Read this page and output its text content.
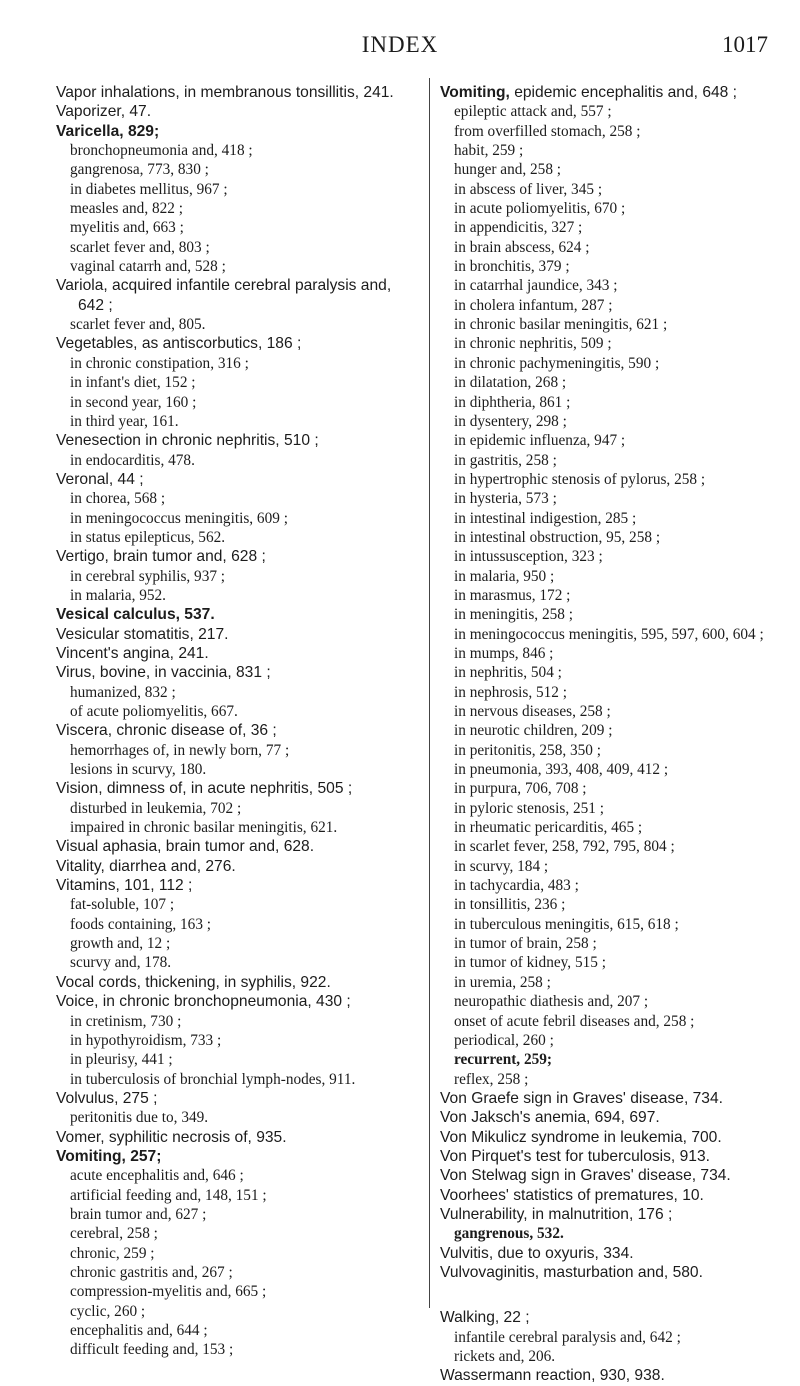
INDEX	1017
Vapor inhalations, in membranous tonsillitis, 241.
Vaporizer, 47.
Varicella, 829;
bronchopneumonia and, 418 ;
gangrenosa, 773, 830 ;
in diabetes mellitus, 967 ;
measles and, 822 ;
myelitis and, 663 ;
scarlet fever and, 803 ;
vaginal catarrh and, 528 ;
Variola, acquired infantile cerebral paralysis and, 642 ;
scarlet fever and, 805.
Vegetables, as antiscorbutics, 186 ;
in chronic constipation, 316 ;
in infant's diet, 152 ;
in second year, 160 ;
in third year, 161.
Venesection in chronic nephritis, 510 ;
in endocarditis, 478.
Veronal, 44 ;
in chorea, 568 ;
in meningococcus meningitis, 609 ;
in status epilepticus, 562.
Vertigo, brain tumor and, 628 ;
in cerebral syphilis, 937 ;
in malaria, 952.
Vesical calculus, 537.
Vesicular stomatitis, 217.
Vincent's angina, 241.
Virus, bovine, in vaccinia, 831 ;
humanized, 832 ;
of acute poliomyelitis, 667.
Viscera, chronic disease of, 36 ;
hemorrhages of, in newly born, 77 ;
lesions in scurvy, 180.
Vision, dimness of, in acute nephritis, 505 ;
disturbed in leukemia, 702 ;
impaired in chronic basilar meningitis, 621.
Visual aphasia, brain tumor and, 628.
Vitality, diarrhea and, 276.
Vitamins, 101, 112 ;
fat-soluble, 107 ;
foods containing, 163 ;
growth and, 12 ;
scurvy and, 178.
Vocal cords, thickening, in syphilis, 922.
Voice, in chronic bronchopneumonia, 430 ;
in cretinism, 730 ;
in hypothyroidism, 733 ;
in pleurisy, 441 ;
in tuberculosis of bronchial lymph-nodes, 911.
Volvulus, 275 ;
peritonitis due to, 349.
Vomer, syphilitic necrosis of, 935.
Vomiting, 257;
acute encephalitis and, 646 ;
artificial feeding and, 148, 151 ;
brain tumor and, 627 ;
cerebral, 258 ;
chronic, 259 ;
chronic gastritis and, 267 ;
compression-myelitis and, 665 ;
cyclic, 260 ;
encephalitis and, 644 ;
difficult feeding and, 153 ;
Vomiting, epidemic encephalitis and, 648 ;
epileptic attack and, 557 ;
from overfilled stomach, 258 ;
habit, 259 ;
hunger and, 258 ;
in abscess of liver, 345 ;
in acute poliomyelitis, 670 ;
in appendicitis, 327 ;
in brain abscess, 624 ;
in bronchitis, 379 ;
in catarrhal jaundice, 343 ;
in cholera infantum, 287 ;
in chronic basilar meningitis, 621 ;
in chronic nephritis, 509 ;
in chronic pachymeningitis, 590 ;
in dilatation, 268 ;
in diphtheria, 861 ;
in dysentery, 298 ;
in epidemic influenza, 947 ;
in gastritis, 258 ;
in hypertrophic stenosis of pylorus, 258 ;
in hysteria, 573 ;
in intestinal indigestion, 285 ;
in intestinal obstruction, 95, 258 ;
in intussusception, 323 ;
in malaria, 950 ;
in marasmus, 172 ;
in meningitis, 258 ;
in meningococcus meningitis, 595, 597, 600, 604 ;
in mumps, 846 ;
in nephritis, 504 ;
in nephrosis, 512 ;
in nervous diseases, 258 ;
in neurotic children, 209 ;
in peritonitis, 258, 350 ;
in pneumonia, 393, 408, 409, 412 ;
in purpura, 706, 708 ;
in pyloric stenosis, 251 ;
in rheumatic pericarditis, 465 ;
in scarlet fever, 258, 792, 795, 804 ;
in scurvy, 184 ;
in tachycardia, 483 ;
in tonsillitis, 236 ;
in tuberculous meningitis, 615, 618 ;
in tumor of brain, 258 ;
in tumor of kidney, 515 ;
in uremia, 258 ;
neuropathic diathesis and, 207 ;
onset of acute febril diseases and, 258 ;
periodical, 260 ;
recurrent, 259;
reflex, 258 ;
Von Graefe sign in Graves' disease, 734.
Von Jaksch's anemia, 694, 697.
Von Mikulicz syndrome in leukemia, 700.
Von Pirquet's test for tuberculosis, 913.
Von Stelwag sign in Graves' disease, 734.
Voorhees' statistics of prematures, 10.
Vulnerability, in malnutrition, 176 ;
gangrenous, 532.
Vulvitis, due to oxyuris, 334.
Vulvovaginitis, masturbation and, 580.
Walking, 22 ;
infantile cerebral paralysis and, 642 ;
rickets and, 206.
Wassermann reaction, 930, 938.
